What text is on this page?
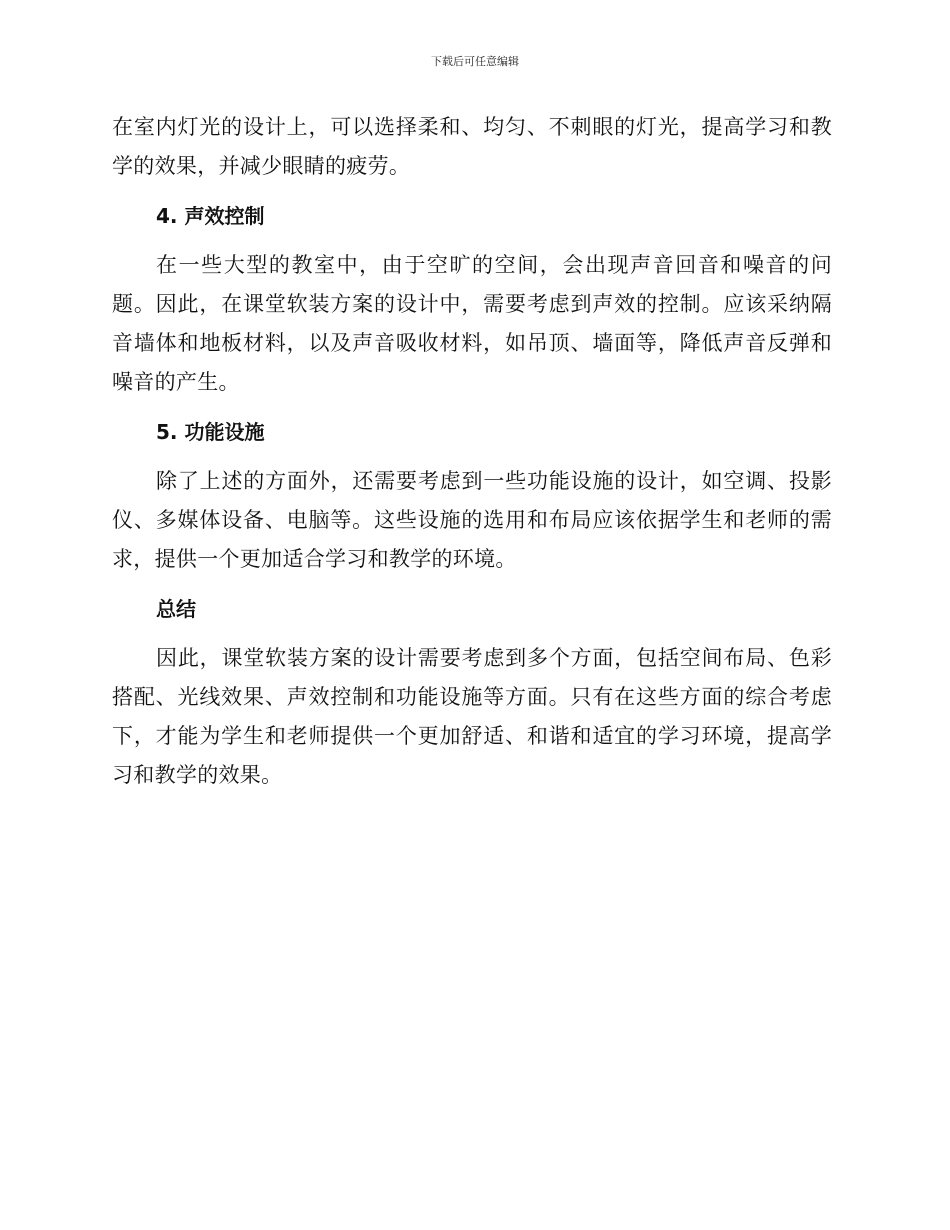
下载后可任意编辑

在室内灯光的设计上，可以选择柔和、均匀、不刺眼的灯光，提高学习和教学的效果，并减少眼睛的疲劳。

4. 声效控制

在一些大型的教室中，由于空旷的空间，会出现声音回音和噪音的问题。因此，在课堂软装方案的设计中，需要考虑到声效的控制。应该采纳隔音墙体和地板材料，以及声音吸收材料，如吊顶、墙面等，降低声音反弹和噪音的产生。

5. 功能设施

除了上述的方面外，还需要考虑到一些功能设施的设计，如空调、投影仪、多媒体设备、电脑等。这些设施的选用和布局应该依据学生和老师的需求，提供一个更加适合学习和教学的环境。

总结

因此，课堂软装方案的设计需要考虑到多个方面，包括空间布局、色彩搭配、光线效果、声效控制和功能设施等方面。只有在这些方面的综合考虑下，才能为学生和老师提供一个更加舒适、和谐和适宜的学习环境，提高学习和教学的效果。
